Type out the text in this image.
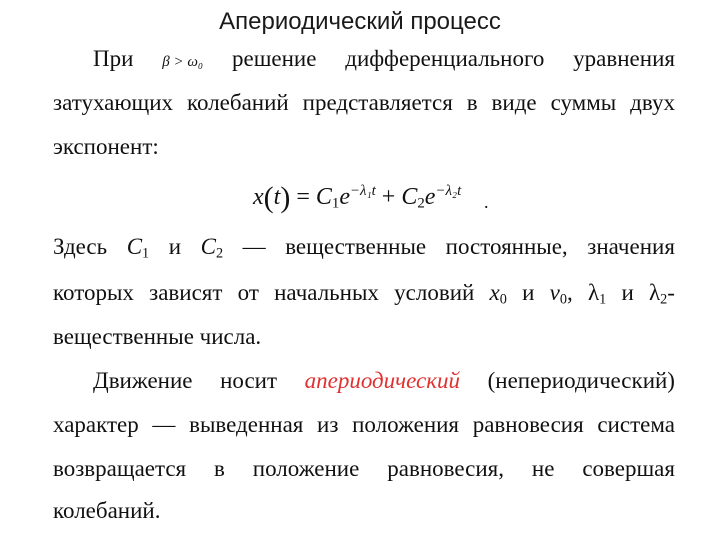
Апериодический процесс
При β > ω₀ решение дифференциального уравнения
затухающих колебаний представляется в виде суммы двух
экспонент:
$x(t) = C_1e^{-\lambda_1t} + C_2e^{-\lambda_2t}$
.
Здесь $C_1$ и $C_2$ — вещественные постоянные, значения
которых зависят от начальных условий $x_0$ и $v_0$, $\lambda_1$ и $\lambda_2-$
вещественные числа.
Движение носит апериодический (непериодический)
характер — выведенная из положения равновесия система
возвращается в положение равновесия, не совершая
колебаний.
